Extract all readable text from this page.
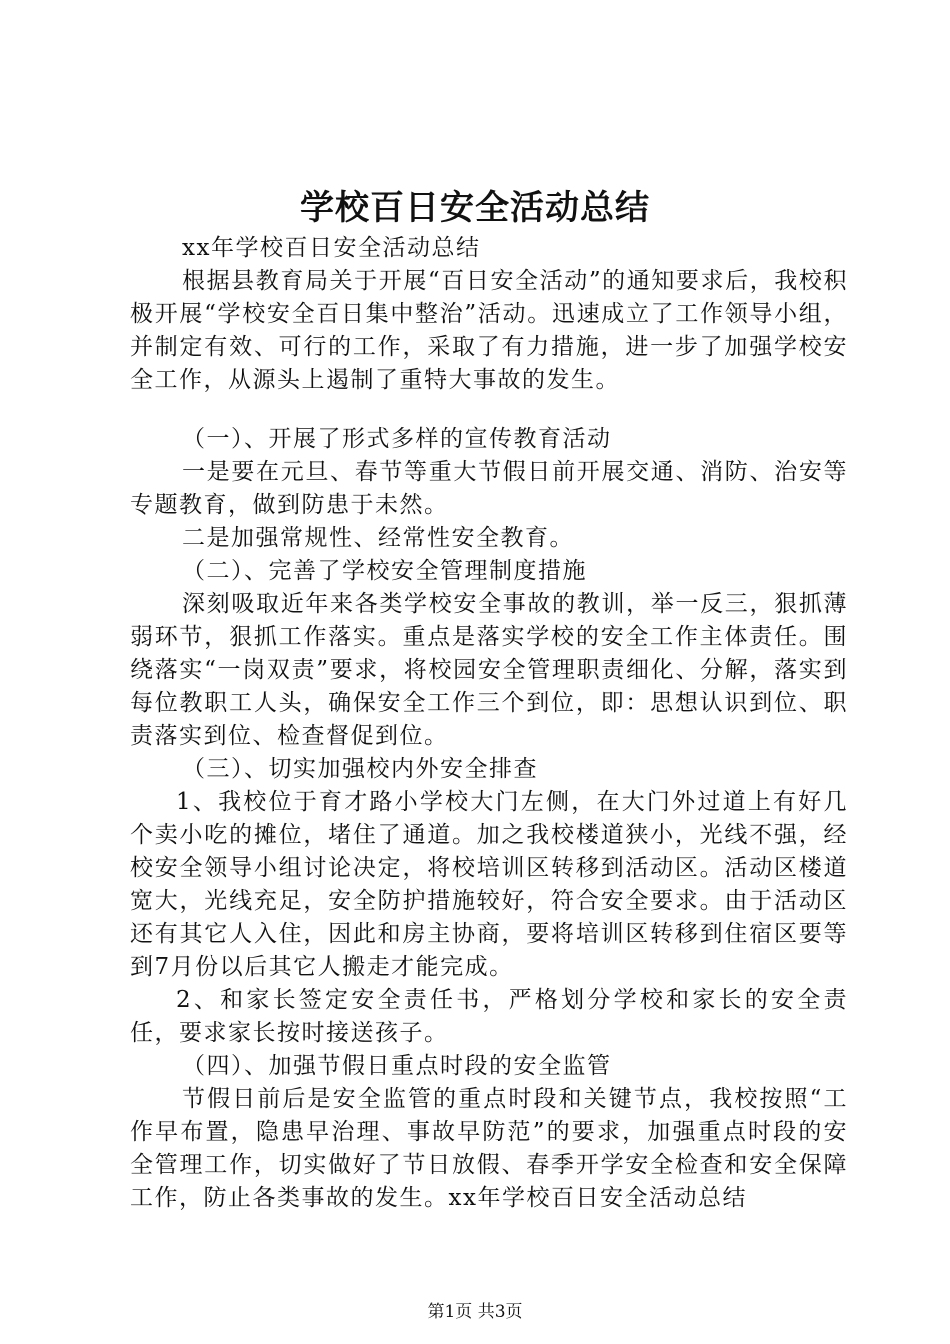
学校百日安全活动总结

xx年学校百日安全活动总结

根据县教育局关于开展“百日安全活动”的通知要求后，我校积极开展“学校安全百日集中整治”活动。迅速成立了工作领导小组，并制定有效、可行的工作，采取了有力措施，进一步了加强学校安全工作，从源头上遏制了重特大事故的发生。

（一）、开展了形式多样的宣传教育活动

一是要在元旦、春节等重大节假日前开展交通、消防、治安等专题教育，做到防患于未然。

二是加强常规性、经常性安全教育。

（二）、完善了学校安全管理制度措施

深刻吸取近年来各类学校安全事故的教训，举一反三，狠抓薄弱环节，狠抓工作落实。重点是落实学校的安全工作主体责任。围绕落实“一岗双责”要求，将校园安全管理职责细化、分解，落实到每位教职工人头，确保安全工作三个到位，即：思想认识到位、职责落实到位、检查督促到位。

（三）、切实加强校内外安全排查

1、我校位于育才路小学校大门左侧，在大门外过道上有好几个卖小吃的摊位，堵住了通道。加之我校楼道狭小，光线不强，经校安全领导小组讨论决定，将校培训区转移到活动区。活动区楼道宽大，光线充足，安全防护措施较好，符合安全要求。由于活动区还有其它人入住，因此和房主协商，要将培训区转移到住宿区要等到7月份以后其它人搬走才能完成。

2、和家长签定安全责任书，严格划分学校和家长的安全责任，要求家长按时接送孩子。

（四）、加强节假日重点时段的安全监管

节假日前后是安全监管的重点时段和关键节点，我校按照“工作早布置，隐患早治理、事故早防范”的要求，加强重点时段的安全管理工作，切实做好了节日放假、春季开学安全检查和安全保障工作，防止各类事故的发生。xx年学校百日安全活动总结

第1页 共3页
